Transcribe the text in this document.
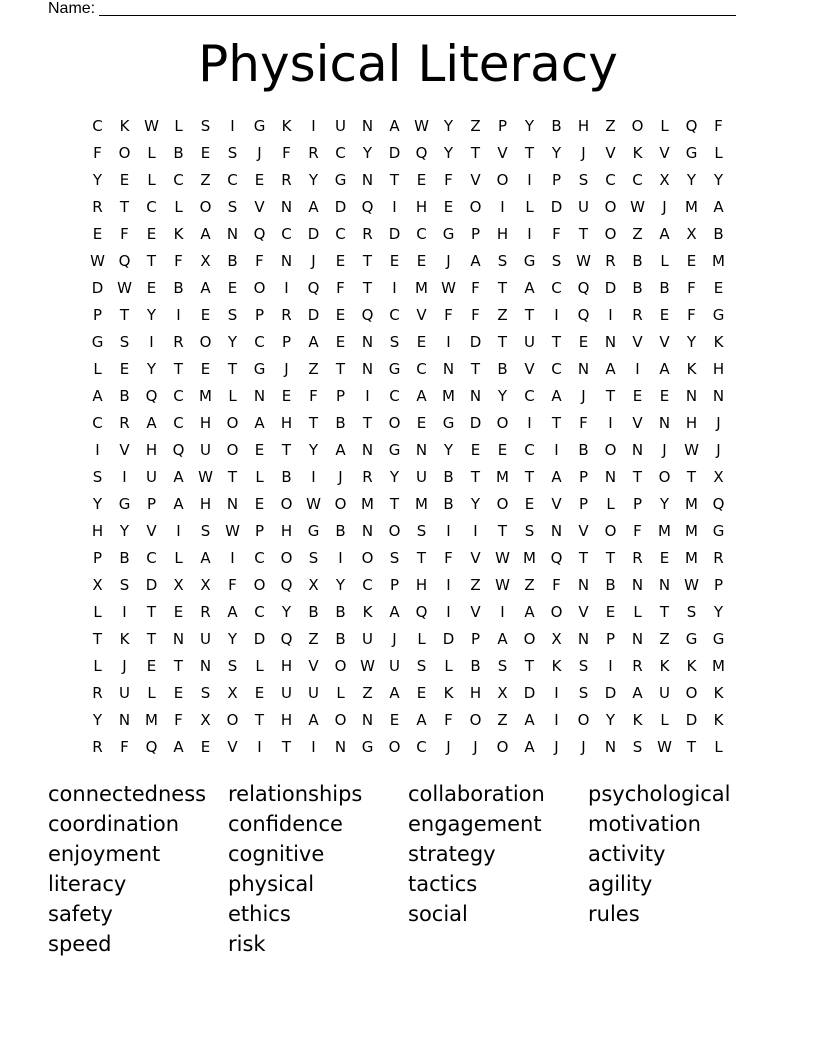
Name:
Physical Literacy
C	K W	L	S	I	G	K	I	U	N	A W Y	Z	P	Y	B	H	Z	O	L	Q	F
F	O	L	B	E	S	J	F	R	C	Y	D	Q	Y	T	V	T	Y	J	V	K	V	G	L
Y	E	L	C	Z	C	E	R	Y	G	N	T	E	F	V	O	I	P	S	C	C	X	Y	Y
R	T	C	L	O	S	V	N	A	D	Q	I	H	E	O	I	L	D	U	O W	J	M	A
E	F	E	K	A	N	Q	C	D	C	R	D	C	G	P	H	I	F	T	O	Z	A	X	B
W Q	T	F	X	B	F	N	J	E	T	E	E	J	A	S	G	S W R	B	L	E	M
D W E	B	A	E	O	I	Q	F	T	I	M W	F	T	A	C	Q	D	B	B	F	E
P	T	Y	I	E	S	P	R	D	E	Q	C	V	F	F	Z	T	I	Q	I	R	E	F	G
G	S	I	R	O	Y	C	P	A	E	N	S	E	I	D	T	U	T	E	N	V	V	Y	K
L	E	Y	T	E	T	G	J	Z	T	N	G	C	N	T	B	V	C	N	A	I	A	K	H
A	B	Q	C	M	L	N	E	F	P	I	C	A	M N	Y	C	A	J	T	E	E	N	N
C	R	A	C	H	O	A	H	T	B	T	O	E	G	D	O	I	T	F	I	V	N	H	J
I	V	H	Q	U	O	E	T	Y	A	N	G	N	Y	E	E	C	I	B	O	N	J	W	J
S	I	U	A W T	L	B	I	J	R	Y	U	B	T	M	T	A	P	N	T	O	T	X
Y	G	P	A	H	N	E	O W O M	T	M	B	Y	O	E	V	P	L	P	Y	M Q
H	Y	V	I	S W	P	H	G	B	N	O	S	I	I	T	S	N	V	O	F	M M G
P	B	C	L	A	I	C	O	S	I	O	S	T	F	V W M Q	T	T	R	E	M	R
X	S	D	X	X	F	O	Q	X	Y	C	P	H	I	Z W Z	F	N	B	N	N W	P
L	I	T	E	R	A	C	Y	B	B	K	A	Q	I	V	I	A	O	V	E	L	T	S	Y
T	K	T	N	U	Y	D	Q	Z	B	U	J	L	D	P	A	O	X	N	P	N	Z	G	G
L	J	E	T	N	S	L	H	V	O W U	S	L	B	S	T	K	S	I	R	K	K	M
R	U	L	E	S	X	E	U	U	L	Z	A	E	K	H	X	D	I	S	D	A	U	O	K
Y	N M	F	X	O	T	H	A	O	N	E	A	F	O	Z	A	I	O	Y	K	L	D	K
R	F	Q	A	E	V	I	T	I	N	G	O	C	J	J	O	A	J	J	N	S W T	L
connectedness	relationships	collaboration	psychological
coordination	confidence	engagement	motivation
enjoyment	cognitive	strategy	activity
literacy	physical	tactics	agility
safety	ethics	social	rules
speed	risk
